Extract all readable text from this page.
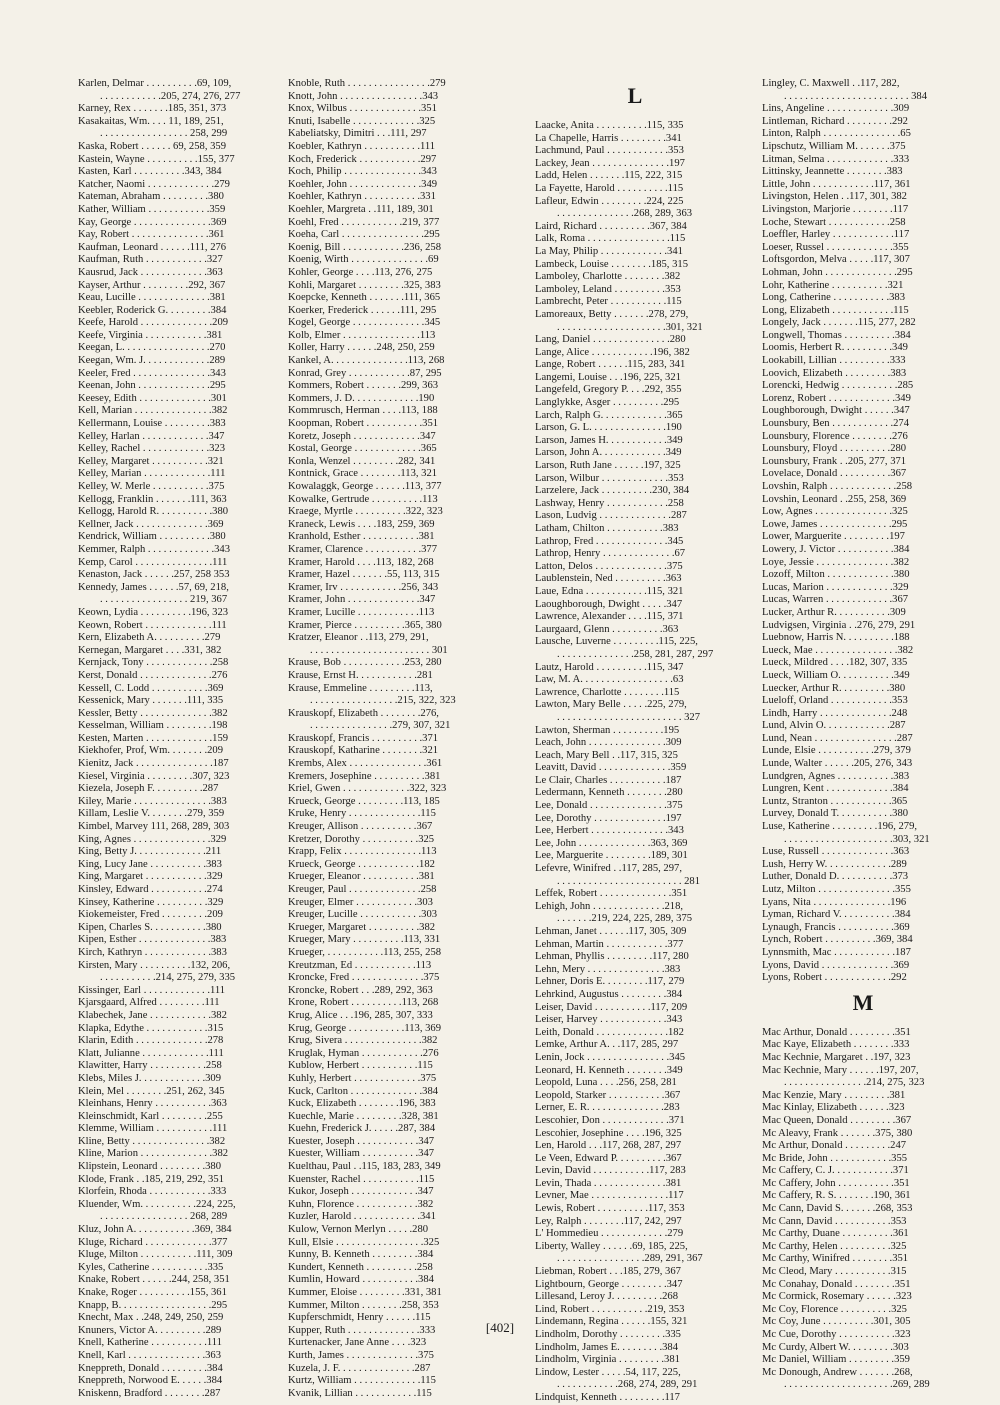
Karlen, Delmar . . . . . . . . . .69, 109,
. . . . . . . . . . . .205, 274, 276, 277
Karney, Rex . . . . . . .185, 351, 373
Kasakaitas, Wm. . . . 11, 189, 251,
. . . . . . . . . . . . . . . . . 258, 299
Kaska, Robert . . . . . . 69, 258, 359
Kastein, Wayne . . . . . . . . . .155, 377
Kasten, Karl . . . . . . . . . .343, 384
Katcher, Naomi . . . . . . . . . . . . .279
Kateman, Abraham . . . . . . . . .380
Kather, William . . . . . . . . . . . .359
Kay, George . . . . . . . . . . . . . . .369
Kay, Robert . . . . . . . . . . . . . . .361
Kaufman, Leonard . . . . . .111, 276
Kaufman, Ruth . . . . . . . . . . . .327
Kausrud, Jack . . . . . . . . . . . . .363
Kayser, Arthur . . . . . . . . .292, 367
Keau, Lucille . . . . . . . . . . . . . .381
Keebler, Roderick G. . . . . . . . .384
Keefe, Harold . . . . . . . . . . . . . .209
Keefe, Virginia . . . . . . . . . . . .381
Keegan, L. . . . . . . . . . . . . . . . .270
Keegan, Wm. J. . . . . . . . . . . . .289
Keeler, Fred . . . . . . . . . . . . . . .343
Keenan, John . . . . . . . . . . . . . .295
Keesey, Edith . . . . . . . . . . . . . .301
Kell, Marian . . . . . . . . . . . . . . .382
Kellermann, Louise . . . . . . . . .383
Kelley, Harlan . . . . . . . . . . . . .347
Kelley, Rachel . . . . . . . . . . . . .323
Kelley, Margaret . . . . . . . . . . .321
Kelley, Marian . . . . . . . . . . . . .111
Kelley, W. Merle . . . . . . . . . . .375
Kellogg, Franklin . . . . . . .111, 363
Kellogg, Harold R. . . . . . . . . . .380
Kellner, Jack . . . . . . . . . . . . . .369
Kendrick, William . . . . . . . . . .380
Kemmer, Ralph . . . . . . . . . . . . .343
Kemp, Carol . . . . . . . . . . . . . . .111
Kenaston, Jack . . . . . .257, 258 353
Kennedy, James . . . . . .57, 69, 218,
. . . . . . . . . . . . . . . . . 219, 367
Keown, Lydia . . . . . . . . . .196, 323
Keown, Robert . . . . . . . . . . . . .111
Kern, Elizabeth A. . . . . . . . . .279
Kernegan, Margaret . . . .331, 382
Kernjack, Tony . . . . . . . . . . . . .258
Kerst, Donald . . . . . . . . . . . . . .276
Kessell, C. Lodd . . . . . . . . . . .369
Kessenick, Mary . . . . . . .111, 335
Kessler, Betty . . . . . . . . . . . . . .382
Kesselman, William . . . . . . . . .198
Kesten, Marten . . . . . . . . . . . . .159
Kiekhofer, Prof, Wm. . . . . . . .209
Kienitz, Jack . . . . . . . . . . . . . . .187
Kiesel, Virginia . . . . . . . . .307, 323
Kiezela, Joseph F. . . . . . . . . .287
Kiley, Marie . . . . . . . . . . . . . . .383
Killam, Leslie V. . . . . . . .279, 359
Kimbel, Marvey 111, 268, 289, 303
King, Agnes . . . . . . . . . . . . . . .329
King, Betty J. . . . . . . . . . . . . .211
King, Lucy Jane . . . . . . . . . . .383
King, Margaret . . . . . . . . . . . .329
Kinsley, Edward . . . . . . . . . . .274
Kinsey, Katherine . . . . . . . . . .329
Kiokemeister, Fred . . . . . . . . .209
Kipen, Charles S. . . . . . . . . . .380
Kipen, Esther . . . . . . . . . . . . . .383
Kirch, Kathryn . . . . . . . . . . . . .383
Kirsten, Mary . . . . . . . . . .132, 206,
. . . . . . . . . . .214, 275, 279, 335
Kissinger, Earl . . . . . . . . . . . . .111
Kjarsgaard, Alfred . . . . . . . . .111
Klabechek, Jane . . . . . . . . . . . .382
Klapka, Edythe . . . . . . . . . . . .315
Klarin, Edith . . . . . . . . . . . . . .278
Klatt, Julianne . . . . . . . . . . . . .111
Klawitter, Harry . . . . . . . . . . .258
Klebs, Miles J. . . . . . . . . . . . .309
Klein, Mel . . . . . . . .251, 262, 345
Kleinhans, Henry . . . . . . . . . . .363
Kleinschmidt, Karl . . . . . . . . .255
Klemme, William . . . . . . . . . . .111
Kline, Betty . . . . . . . . . . . . . . .382
Kline, Marion . . . . . . . . . . . . . .382
Klipstein, Leonard . . . . . . . . .380
Klode, Frank . .185, 219, 292, 351
Klorfein, Rhoda . . . . . . . . . . . .333
Kluender, Wm. . . . . . . . . . .224, 225,
. . . . . . . . . . . . . . . . . 268, 289
Kluz, John A. . . . . . . . . . . .369, 384
Kluge, Richard . . . . . . . . . . . . .377
Kluge, Milton . . . . . . . . . . .111, 309
Kyles, Catherine . . . . . . . . . . .335
Knake, Robert . . . . . .244, 258, 351
Knake, Roger . . . . . . . . . .155, 361
Knapp, B. . . . . . . . . . . . . . . . . .295
Knecht, Max . .248, 249, 250, 259
Knuners, Victor A. . . . . . . . . .289
Knell, Katherine . . . . . . . . . . .111
Knell, Karl . . . . . . . . . . . . . . .363
Kneppreth, Donald . . . . . . . . .384
Kneppreth, Norwood E. . . . . .384
Kniskenn, Bradford . . . . . . . .287
Knoble, Ruth . . . . . . . . . . . . . . . .279
Knott, John . . . . . . . . . . . . . . . .343
Knox, Wilbus . . . . . . . . . . . . . .351
Knuti, Isabelle . . . . . . . . . . . . .325
Kabeliatsky, Dimitri . . .111, 297
Koebler, Kathryn . . . . . . . . . . .111
Koch, Frederick . . . . . . . . . . . .297
Koch, Philip . . . . . . . . . . . . . . .343
Koehler, John . . . . . . . . . . . . . .349
Koehler, Kathryn . . . . . . . . . . .331
Koehler, Margreta . .111, 189, 301
Koehl, Fred . . . . . . . . . . . .219, 377
Koeha, Carl . . . . . . . . . . . . . . . .295
Koenig, Bill . . . . . . . . . . . .236, 258
Koenig, Wirth . . . . . . . . . . . . . . .69
Kohler, George . . . .113, 276, 275
Kohli, Margaret . . . . . . . . .325, 383
Koepcke, Kenneth . . . . . . .111, 365
Koerker, Frederick . . . . . .111, 295
Kogel, George . . . . . . . . . . . . . .345
Kolb, Elmer . . . . . . . . . . . . . . .113
Koller, Harry . . . . . .248, 250, 259
Kankel, A. . . . . . . . . . . . . . .113, 268
Konrad, Grey . . . . . . . . . . . .87, 295
Kommers, Robert . . . . . . .299, 363
Kommers, J. D. . . . . . . . . . . . .190
Kommrusch, Herman . . . .113, 188
Koopman, Robert . . . . . . . . . . .351
Koretz, Joseph . . . . . . . . . . . . .347
Kostal, George . . . . . . . . . . . . .365
Konla, Wenzel . . . . . . . . .282, 341
Kontnick, Grace . . . . . . . .113, 321
Kowalaggk, George . . . . . .113, 377
Kowalke, Gertrude . . . . . . . . . .113
Kraege, Myrtle . . . . . . . . . .322, 323
Kraneck, Lewis . . . .183, 259, 369
Kranhold, Esther . . . . . . . . . . .381
Kramer, Clarence . . . . . . . . . . .377
Kramer, Harold . . . .113, 182, 268
Kramer, Hazel . . . . . . .55, 113, 315
Kramer, Irv . . . . . . . . . . . .256, 343
Kramer, John . . . . . . . . . . . . . .347
Kramer, Lucille . . . . . . . . . . . .113
Kramer, Pierce . . . . . . . . . .365, 380
Kratzer, Eleanor . .113, 279, 291,
. . . . . . . . . . . . . . . . . . . . . . . 301
Krause, Bob . . . . . . . . . . . .253, 280
Krause, Ernst H. . . . . . . . . . . .281
Krause, Emmeline . . . . . . . . .113,
. . . . . . . . . . . . . . . . .215, 322, 323
Krauskopf, Elizabeth . . . . . . . .276,
. . . . . . . . . . . . . . . .279, 307, 321
Krauskopf, Francis . . . . . . . . . .371
Krauskopf, Katharine . . . . . . . .321
Krembs, Alex . . . . . . . . . . . . . . .361
Kremers, Josephine . . . . . . . . . .381
Kriel, Gwen . . . . . . . . . . . . .322, 323
Krueck, George . . . . . . . . .113, 185
Kruke, Henry . . . . . . . . . . . . . .115
Kreuger, Allison . . . . . . . . . . .367
Kretzer, Dorothy . . . . . . . . . . .325
Krapp, Felix . . . . . . . . . . . . . . .113
Krueck, George . . . . . . . . . . . .182
Krueger, Eleanor . . . . . . . . . . .381
Kreuger, Paul . . . . . . . . . . . . . .258
Kreuger, Elmer . . . . . . . . . . . .303
Kreuger, Lucille . . . . . . . . . . . .303
Krueger, Margaret . . . . . . . . . .382
Krueger, Mary . . . . . . . . . .113, 331
Krueger, . . . . . . . . . . .113, 255, 258
Kreutzman, Ed . . . . . . . . . . . .113
Kroncke, Fred . . . . . . . . . . . . . .375
Kroncke, Robert . . .289, 292, 363
Krone, Robert . . . . . . . . . .113, 268
Krug, Alice . . .196, 285, 307, 333
Krug, George . . . . . . . . . . .113, 369
Krug, Sivera . . . . . . . . . . . . . . .382
Kruglak, Hyman . . . . . . . . . . . .276
Kublow, Herbert . . . . . . . . . . .115
Kuhly, Herbert . . . . . . . . . . . . .375
Kuck, Carlton . . . . . . . . . . . . . .384
Kuck, Elizabeth . . . . . . . .196, 383
Kuechle, Marie . . . . . . . . .328, 381
Kuehn, Frederick J. . . . . .287, 384
Kuester, Joseph . . . . . . . . . . . .347
Kuester, William . . . . . . . . . . .347
Kuelthau, Paul . .115, 183, 283, 349
Kuenster, Rachel . . . . . . . . . . .115
Kukor, Joseph . . . . . . . . . . . . .347
Kuhn, Florence . . . . . . . . . . . .382
Kuzler, Harold . . . . . . . . . . . . .341
Kulow, Vernon Merlyn . . . . .280
Kull, Elsie . . . . . . . . . . . . . . . . .325
Kunny, B. Kenneth . . . . . . . . .384
Kundert, Kenneth . . . . . . . . . .258
Kumlin, Howard . . . . . . . . . . .384
Kummer, Eloise . . . . . . . . .331, 381
Kummer, Milton . . . . . . . .258, 353
Kupferschmidt, Henry . . . . . .115
Kupper, Ruth . . . . . . . . . . . . . .333
Kurtenacker, Jane Anne . . . .323
Kurth, James . . . . . . . . . . . . . .375
Kuzela, J. F. . . . . . . . . . . . . . .287
Kurtz, William . . . . . . . . . . . . .115
Kvanik, Lillian . . . . . . . . . . . .115
L
Laacke, Anita . . . . . . . . . .115, 335
La Chapelle, Harris . . . . . . . . .341
Lachmund, Paul . . . . . . . . . . . .353
Lackey, Jean . . . . . . . . . . . . . . .197
Ladd, Helen . . . . . . .115, 222, 315
La Fayette, Harold . . . . . . . . . .115
Lafleur, Edwin . . . . . . . . .224, 225
. . . . . . . . . . . . . . .268, 289, 363
Laird, Richard . . . . . . . . . .367, 384
Lalk, Roma . . . . . . . . . . . . . . . .115
La May, Philip . . . . . . . . . . . . .341
Lambeck, Louise . . . . . . . .185, 315
Lamboley, Charlotte . . . . . . . .382
Lamboley, Leland . . . . . . . . . .353
Lambrecht, Peter . . . . . . . . . . .115
Lamoreaux, Betty . . . . . . .278, 279,
. . . . . . . . . . . . . . . . . . . . .301, 321
Lang, Daniel . . . . . . . . . . . . . . .280
Lange, Alice . . . . . . . . . . . .196, 382
Lange, Robert . . . . . .115, 283, 341
Langemi, Louise . . .196, 225, 321
Langefeld, Gregory P. . . .292, 355
Langlykke, Asger . . . . . . . . . .295
Larch, Ralph G. . . . . . . . . . . . .365
Larson, G. L. . . . . . . . . . . . . . .190
Larson, James H. . . . . . . . . . . .349
Larson, John A. . . . . . . . . . . . .349
Larson, Ruth Jane . . . . . .197, 325
Larson, Wilbur . . . . . . . . . . . . .353
Larzelere, Jack . . . . . . . . . .230, 384
Lashway, Henry . . . . . . . . . . . .258
Lason, Ludvig . . . . . . . . . . . . . .287
Latham, Chilton . . . . . . . . . . .383
Lathrop, Fred . . . . . . . . . . . . . .345
Lathrop, Henry . . . . . . . . . . . . . .67
Latton, Delos . . . . . . . . . . . . . .375
Laublenstein, Ned . . . . . . . . . .363
Laue, Edna . . . . . . . . . . . .115, 321
Laoughborough, Dwight . . . . .347
Lawrence, Alexander . . . .115, 371
Laurgaard, Glenn . . . . . . . . . .363
Lausche, Luverne . . . . . . . . .115, 225,
. . . . . . . . . . . . . . .258, 281, 287, 297
Lautz, Harold . . . . . . . . . .115, 347
Law, M. A. . . . . . . . . . . . . . . . . .63
Lawrence, Charlotte . . . . . . . .115
Lawton, Mary Belle . . . . .225, 279,
. . . . . . . . . . . . . . . . . . . . . . . . 327
Lawton, Sherman . . . . . . . . . .195
Leach, John . . . . . . . . . . . . . . .309
Leach, Mary Bell . .117, 315, 325
Leavitt, David . . . . . . . . . . . . . .359
Le Clair, Charles . . . . . . . . . . .187
Ledermann, Kenneth . . . . . . . .280
Lee, Donald . . . . . . . . . . . . . . .375
Lee, Dorothy . . . . . . . . . . . . . .197
Lee, Herbert . . . . . . . . . . . . . . .343
Lee, John . . . . . . . . . . . . . .363, 369
Lee, Marguerite . . . . . . . . .189, 301
Lefevre, Winifred . .117, 285, 297,
. . . . . . . . . . . . . . . . . . . . . . . . 281
Leffek, Robert . . . . . . . . . . . . . .351
Lehigh, John . . . . . . . . . . . . . .218,
. . . . . . .219, 224, 225, 289, 375
Lehman, Janet . . . . . .117, 305, 309
Lehman, Martin . . . . . . . . . . . .377
Lehman, Phyllis . . . . . . . . .117, 280
Lehn, Mery . . . . . . . . . . . . . . .383
Lehner, Doris E. . . . . . . . .117, 279
Lehrkind, Augustus . . . . . . . . .384
Leiser, David . . . . . . . . . . .117, 209
Leiser, Harvey . . . . . . . . . . . . .343
Leith, Donald . . . . . . . . . . . . . .182
Lemke, Arthur A. . .117, 285, 297
Lenin, Jock . . . . . . . . . . . . . . . .345
Leonard, H. Kenneth . . . . . . . .349
Leopold, Luna . . . .256, 258, 281
Leopold, Starker . . . . . . . . . . .367
Lerner, E. R. . . . . . . . . . . . . . .283
Lescohier, Don . . . . . . . . . . . . .371
Lescohier, Josephine . . . .196, 325
Len, Harold . . .117, 268, 287, 297
Le Veen, Edward P. . . . . . . . . .367
Levin, David . . . . . . . . . . .117, 283
Levin, Thada . . . . . . . . . . . . . .381
Levner, Mae . . . . . . . . . . . . . . .117
Lewis, Robert . . . . . . . . . .117, 353
Ley, Ralph . . . . . . . .117, 242, 297
L' Hommedieu . . . . . . . . . . . . .279
Liberty, Walley . . . . . .69, 185, 225,
. . . . . . . . . . . . . . . . .289, 291, 367
Liebman, Robert . . .185, 279, 367
Lightbourn, George . . . . . . . . .347
Lillesand, Leroy J. . . . . . . . . .268
Lind, Robert . . . . . . . . . . .219, 353
Lindemann, Regina . . . . . .155, 321
Lindholm, Dorothy . . . . . . . . .335
Lindholm, James E. . . . . . . . .384
Lindholm, Virginia . . . . . . . . .381
Lindow, Lester . . . . .54, 117, 225,
. . . . . . . . . . . .268, 274, 289, 291
Lindquist, Kenneth . . . . . . . . .117
Lingley, C. Maxwell . .117, 282,
. . . . . . . . . . . . . . . . . . . . . . . . 384
Lins, Angeline . . . . . . . . . . . . .309
Lintleman, Richard . . . . . . . . .292
Linton, Ralph . . . . . . . . . . . . . . .65
Lipschutz, William M. . . . . . .375
Litman, Selma . . . . . . . . . . . . .333
Littinsky, Jeannette . . . . . . . .383
Little, John . . . . . . . . . . . .117, 361
Livingston, Helen . .117, 301, 382
Livingston, Marjorie . . . . . . . .117
Loche, Stewart . . . . . . . . . . . .258
Loeffler, Harley . . . . . . . . . . . .117
Loeser, Russel . . . . . . . . . . . . .355
Loftsgordon, Melva . . . . .117, 307
Lohman, John . . . . . . . . . . . . . .295
Lohr, Katherine . . . . . . . . . . .321
Long, Catherine . . . . . . . . . . .383
Long, Elizabeth . . . . . . . . . . . .115
Longely, Jack . . . . . . .115, 277, 282
Longwell, Thomas . . . . . . . . . .384
Loomis, Herbert R. . . . . . . . . .349
Lookabill, Lillian . . . . . . . . . .333
Loovich, Elizabeth . . . . . . . . .383
Lorencki, Hedwig . . . . . . . . . . .285
Lorenz, Robert . . . . . . . . . . . . .349
Loughborough, Dwight . . . . . .347
Lounsbury, Ben . . . . . . . . . . . .274
Lounsbury, Florence . . . . . . . .276
Lounsbury, Floyd . . . . . . . . . .280
Lounsbury, Frank . .205, 277, 371
Lovelace, Donald . . . . . . . . . .367
Lovshin, Ralph . . . . . . . . . . . . .258
Lovshin, Leonard . .255, 258, 369
Low, Agnes . . . . . . . . . . . . . . .325
Lowe, James . . . . . . . . . . . . . .295
Lower, Marguerite . . . . . . . . .197
Lowery, J. Victor . . . . . . . . . . .384
Loye, Jessie . . . . . . . . . . . . . . .382
Lozoff, Milton . . . . . . . . . . . . .380
Lucas, Marion . . . . . . . . . . . . .329
Lucas, Warren . . . . . . . . . . . . .367
Lucker, Arthur R. . . . . . . . . . .309
Ludvigsen, Virginia . .276, 279, 291
Luebnow, Harris N. . . . . . . . . .188
Lueck, Mae . . . . . . . . . . . . . . . .382
Lueck, Mildred . . . .182, 307, 335
Lueck, William O. . . . . . . . . . .349
Luecker, Arthur R. . . . . . . . . .380
Lueloff, Orland . . . . . . . . . . . .353
Lindh, Harry . . . . . . . . . . . . . .248
Lund, Alvin O. . . . . . . . . . . . .287
Lund, Nean . . . . . . . . . . . . . . . .287
Lunde, Elsie . . . . . . . . . . .279, 379
Lunde, Walter . . . . . .205, 276, 343
Lundgren, Agnes . . . . . . . . . . .383
Lungren, Kent . . . . . . . . . . . . .384
Luntz, Stranton . . . . . . . . . . . .365
Lurvey, Donald T. . . . . . . . . . .380
Luse, Katherine . . . . . . . . .196, 279,
. . . . . . . . . . . . . . . . . . . . .303, 321
Luse, Russell . . . . . . . . . . . . . .363
Lush, Herry W. . . . . . . . . . . . .289
Luther, Donald D. . . . . . . . . . .373
Lutz, Milton . . . . . . . . . . . . . . .355
Lyans, Nita . . . . . . . . . . . . . . .196
Lyman, Richard V. . . . . . . . . . .384
Lynaugh, Francis . . . . . . . . . . .369
Lynch, Robert . . . . . . . . . .369, 384
Lynnsmith, Mac . . . . . . . . . . . .187
Lyons, David . . . . . . . . . . . . . .369
Lyons, Robert . . . . . . . . . . . . .292
M
Mac Arthur, Donald . . . . . . . . .351
Mac Kaye, Elizabeth . . . . . . . .333
Mac Kechnie, Margaret . .197, 323
Mac Kechnie, Mary . . . . . .197, 207,
. . . . . . . . . . . . . . . .214, 275, 323
Mac Kenzie, Mary . . . . . . . . .381
Mac Kinlay, Elizabeth . . . . . .323
Mac Queen, Donald . . . . . . . . .367
Mc Aleavy, Frank . . . . . . .375, 380
Mc Arthur, Donald . . . . . . . . .247
Mc Bride, John . . . . . . . . . . . .355
Mc Caffery, C. J. . . . . . . . . . . .371
Mc Caffery, John . . . . . . . . . . .351
Mc Caffery, R. S. . . . . . . .190, 361
Mc Cann, David S. . . . . . .268, 353
Mc Cann, David . . . . . . . . . . .353
Mc Carthy, Duane . . . . . . . . . .361
Mc Carthy, Helen . . . . . . . . . .325
Mc Carthy, Winifred . . . . . . . .351
Mc Cleod, Mary . . . . . . . . . . .315
Mc Conahay, Donald . . . . . . . .351
Mc Cormick, Rosemary . . . . . .323
Mc Coy, Florence . . . . . . . . . .325
Mc Coy, June . . . . . . . . . .301, 305
Mc Cue, Dorothy . . . . . . . . . . .323
Mc Curdy, Albert W. . . . . . . . .303
Mc Daniel, William . . . . . . . . .359
Mc Donough, Andrew . . . . . . .268,
. . . . . . . . . . . . . . . . . . . . .269, 289
[402]
